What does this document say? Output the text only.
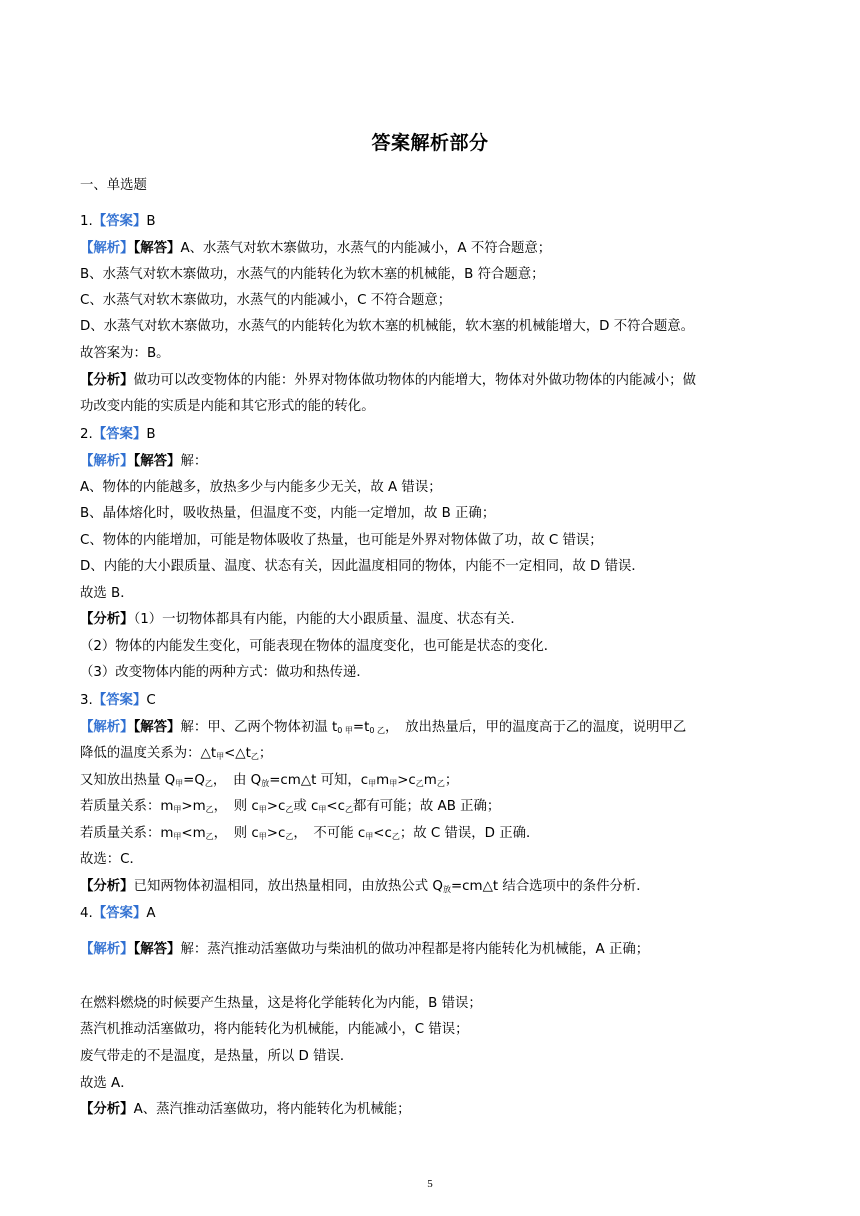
答案解析部分
一、单选题
1.【答案】B
【解析】【解答】A、水蒸气对软木寨做功，水蒸气的内能减小，A 不符合题意；
B、水蒸气对软木寨做功，水蒸气的内能转化为软木塞的机械能，B 符合题意；
C、水蒸气对软木寨做功，水蒸气的内能减小，C 不符合题意；
D、水蒸气对软木寨做功，水蒸气的内能转化为软木塞的机械能，软木塞的机械能增大，D 不符合题意。
故答案为：B。
【分析】做功可以改变物体的内能：外界对物体做功物体的内能增大，物体对外做功物体的内能减小；做
功改变内能的实质是内能和其它形式的能的转化。
2.【答案】B
【解析】【解答】解：
A、物体的内能越多，放热多少与内能多少无关，故 A 错误；
B、晶体熔化时，吸收热量，但温度不变，内能一定增加，故 B 正确；
C、物体的内能增加，可能是物体吸收了热量，也可能是外界对物体做了功，故 C 错误；
D、内能的大小跟质量、温度、状态有关，因此温度相同的物体，内能不一定相同，故 D 错误．
故选 B．
【分析】（1）一切物体都具有内能，内能的大小跟质量、温度、状态有关．
（2）物体的内能发生变化，可能表现在物体的温度变化，也可能是状态的变化．
（3）改变物体内能的两种方式：做功和热传递．
3.【答案】C
【解析】【解答】解：甲、乙两个物体初温 $t_{0 甲}=t_{0 乙}$，　放出热量后，甲的温度高于乙的温度，说明甲乙
降低的温度关系为：$\triangle t_甲<\triangle t_乙$；
又知放出热量 $Q_甲=Q_乙$，　由 $Q_放=cm\triangle t$ 可知，$c_甲m_甲>c_乙m_乙$；
若质量关系：$m_甲>m_乙$，　则 $c_甲>c_乙$或 $c_甲<c_乙$都有可能；故 AB 正确；
若质量关系：$m_甲<m_乙$，　则 $c_甲>c_乙$，　不可能 $c_甲<c_乙$；故 C 错误，D 正确．
故选：C．
【分析】已知两物体初温相同，放出热量相同，由放热公式 $Q_放=cm\triangle t$ 结合选项中的条件分析．
4.【答案】A
【解析】【解答】解：蒸汽推动活塞做功与柴油机的做功冲程都是将内能转化为机械能，A 正确；
在燃料燃烧的时候要产生热量，这是将化学能转化为内能，B 错误；
蒸汽机推动活塞做功，将内能转化为机械能，内能减小，C 错误；
废气带走的不是温度，是热量，所以 D 错误．
故选 A．
【分析】A、蒸汽推动活塞做功，将内能转化为机械能；
5
